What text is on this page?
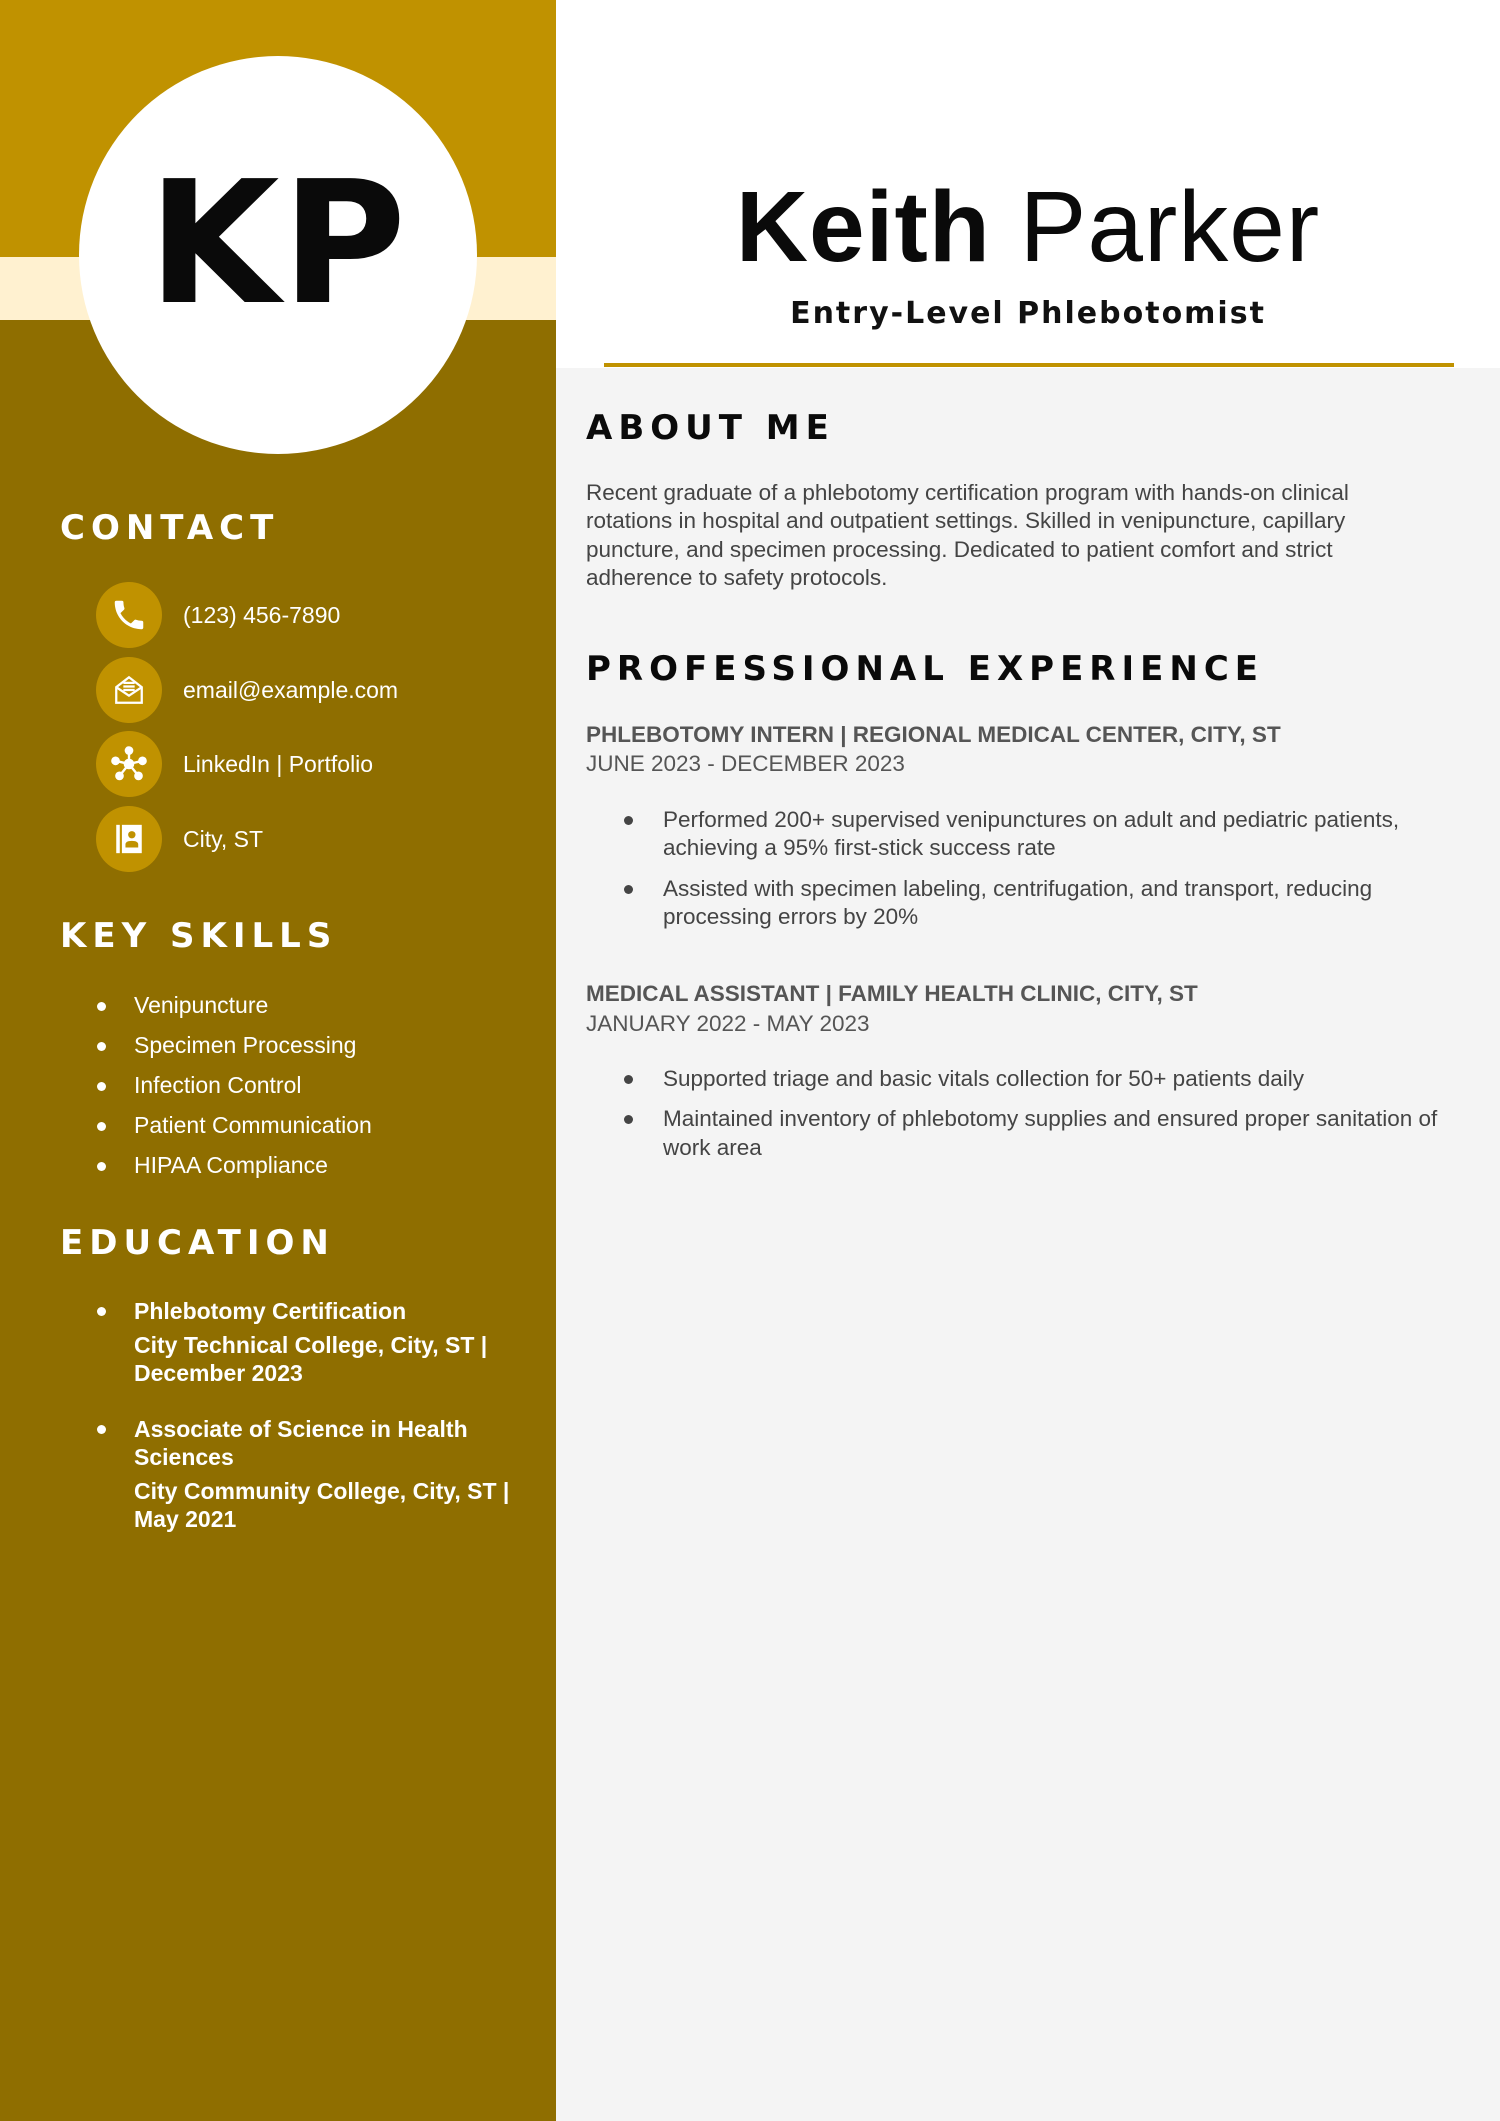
KP
CONTACT
(123) 456-7890
email@example.com
LinkedIn | Portfolio
City, ST
KEY SKILLS
Venipuncture
Specimen Processing
Infection Control
Patient Communication
HIPAA Compliance
EDUCATION
Phlebotomy Certification
City Technical College, City, ST | December 2023
Associate of Science in Health Sciences
City Community College, City, ST | May 2021
Keith Parker
Entry-Level Phlebotomist
ABOUT ME

Recent graduate of a phlebotomy certification program with hands-on clinical rotations in hospital and outpatient settings. Skilled in venipuncture, capillary puncture, and specimen processing. Dedicated to patient comfort and strict adherence to safety protocols.

PROFESSIONAL EXPERIENCE
PHLEBOTOMY INTERN | REGIONAL MEDICAL CENTER, CITY, ST
JUNE 2023 - DECEMBER 2023
Performed 200+ supervised venipunctures on adult and pediatric patients, achieving a 95% first-stick success rate
Assisted with specimen labeling, centrifugation, and transport, reducing processing errors by 20%
MEDICAL ASSISTANT | FAMILY HEALTH CLINIC, CITY, ST
JANUARY 2022 - MAY 2023
Supported triage and basic vitals collection for 50+ patients daily
Maintained inventory of phlebotomy supplies and ensured proper sanitation of work area
